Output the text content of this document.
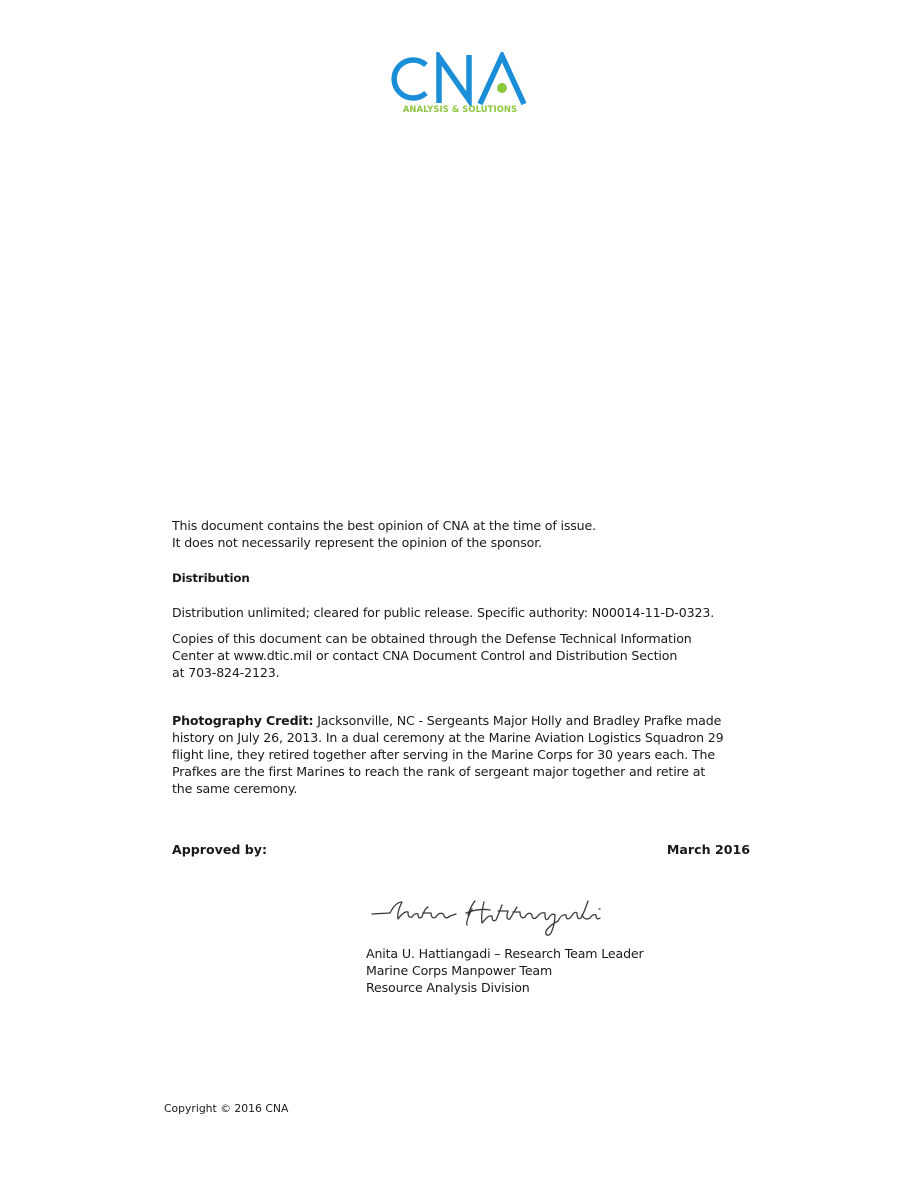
ANALYSIS & SOLUTIONS

This document contains the best opinion of CNA at the time of issue.

It does not necessarily represent the opinion of the sponsor.

Distribution
Distribution unlimited; cleared for public release. Specific authority: N00014-11-D-0323.

Copies of this document can be obtained through the Defense Technical Information

Center at www.dtic.mil or contact CNA Document Control and Distribution Section

at 703-824-2123.

Photography Credit: Jacksonville, NC - Sergeants Major Holly and Bradley Prafke made

history on July 26, 2013. In a dual ceremony at the Marine Aviation Logistics Squadron 29

flight line, they retired together after serving in the Marine Corps for 30 years each. The

Prafkes are the first Marines to reach the rank of sergeant major together and retire at

the same ceremony.

Approved by:	March 2016
Anita U. Hattiangadi – Research Team Leader
Marine Corps Manpower Team
Resource Analysis Division
Copyright © 2016 CNA
